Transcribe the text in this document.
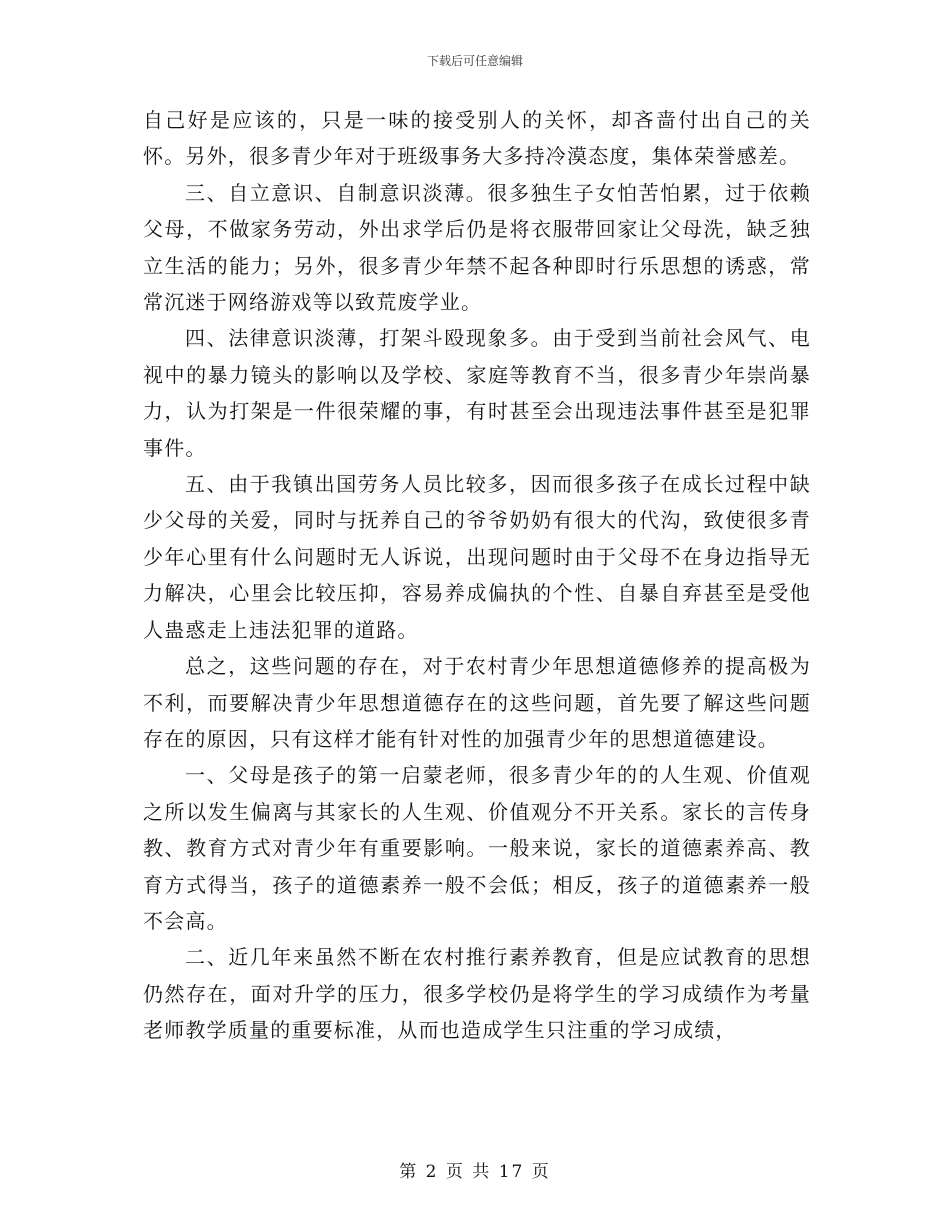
下载后可任意编辑

自己好是应该的，只是一味的接受别人的关怀，却吝啬付出自己的关怀。另外，很多青少年对于班级事务大多持冷漠态度，集体荣誉感差。

三、自立意识、自制意识淡薄。很多独生子女怕苦怕累，过于依赖父母，不做家务劳动，外出求学后仍是将衣服带回家让父母洗，缺乏独立生活的能力；另外，很多青少年禁不起各种即时行乐思想的诱惑，常常沉迷于网络游戏等以致荒废学业。

四、法律意识淡薄，打架斗殴现象多。由于受到当前社会风气、电视中的暴力镜头的影响以及学校、家庭等教育不当，很多青少年崇尚暴力，认为打架是一件很荣耀的事，有时甚至会出现违法事件甚至是犯罪事件。

五、由于我镇出国劳务人员比较多，因而很多孩子在成长过程中缺少父母的关爱，同时与抚养自己的爷爷奶奶有很大的代沟，致使很多青少年心里有什么问题时无人诉说，出现问题时由于父母不在身边指导无力解决，心里会比较压抑，容易养成偏执的个性、自暴自弃甚至是受他人蛊惑走上违法犯罪的道路。

总之，这些问题的存在，对于农村青少年思想道德修养的提高极为不利，而要解决青少年思想道德存在的这些问题，首先要了解这些问题存在的原因，只有这样才能有针对性的加强青少年的思想道德建设。

一、父母是孩子的第一启蒙老师，很多青少年的的人生观、价值观之所以发生偏离与其家长的人生观、价值观分不开关系。家长的言传身教、教育方式对青少年有重要影响。一般来说，家长的道德素养高、教育方式得当，孩子的道德素养一般不会低；相反，孩子的道德素养一般不会高。

二、近几年来虽然不断在农村推行素养教育，但是应试教育的思想仍然存在，面对升学的压力，很多学校仍是将学生的学习成绩作为考量老师教学质量的重要标准，从而也造成学生只注重的学习成绩，

第 2 页 共 17 页
